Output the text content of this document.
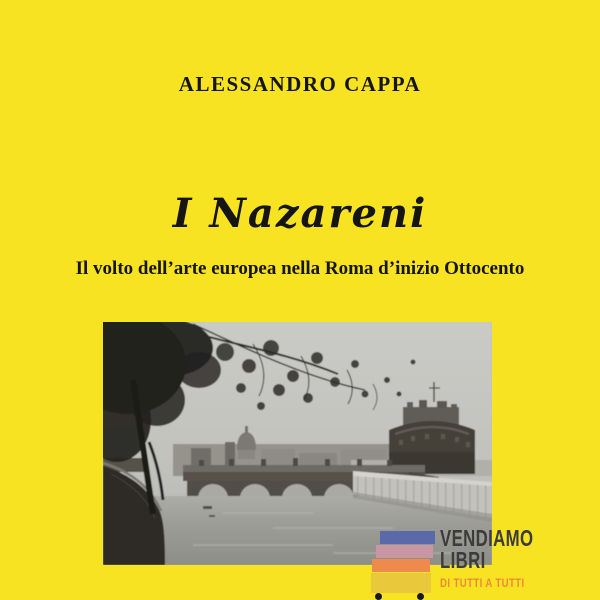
ALESSANDRO CAPPA
I Nazareni
Il volto dell’arte europea nella Roma d’inizio Ottocento
VENDIAMO
LIBRI
DI TUTTI A TUTTI
